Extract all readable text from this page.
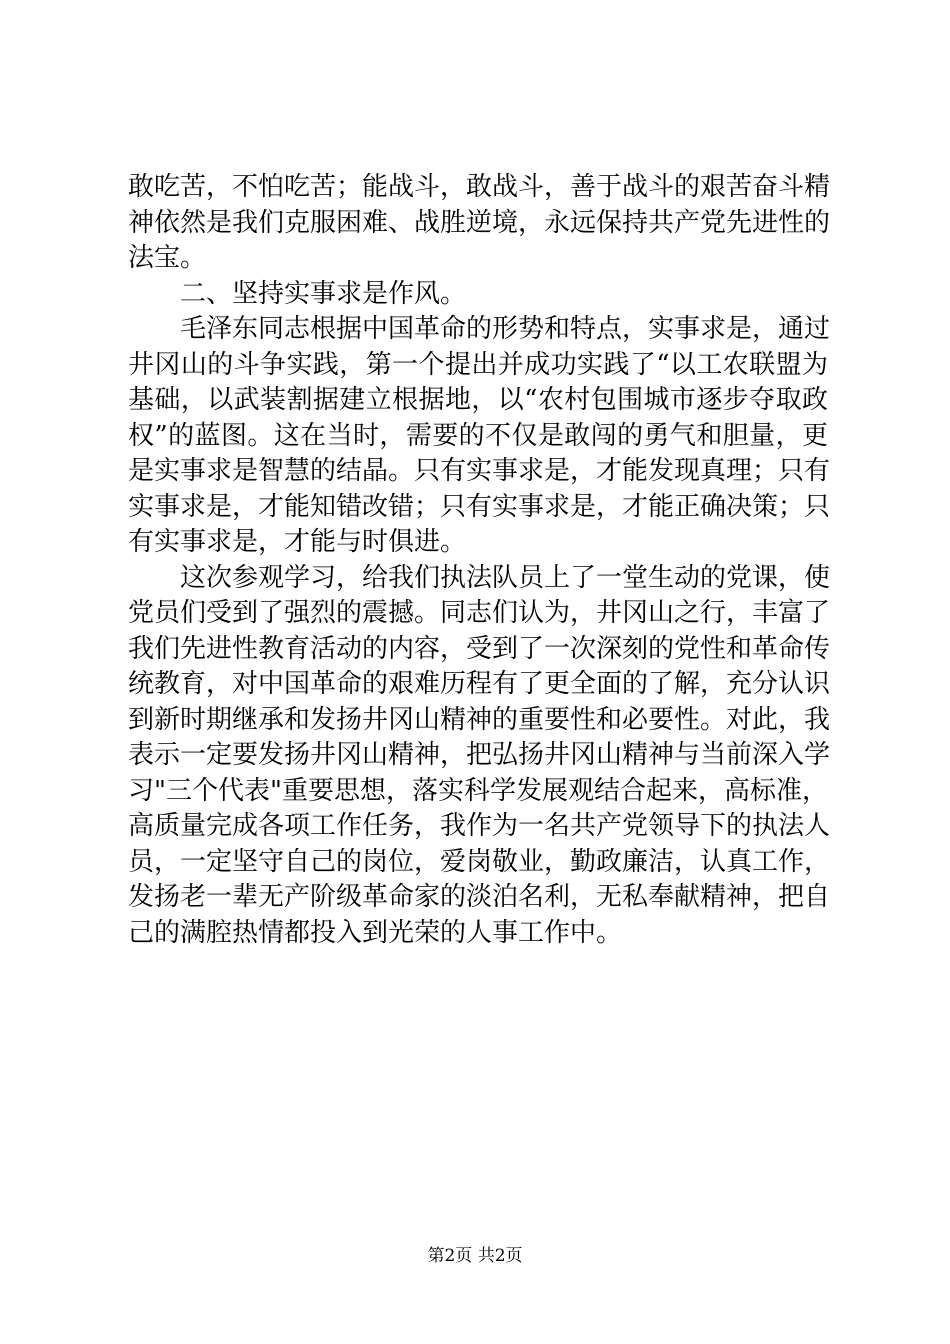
敢吃苦，不怕吃苦；能战斗，敢战斗，善于战斗的艰苦奋斗精
神依然是我们克服困难、战胜逆境，永远保持共产党先进性的
法宝。
二、坚持实事求是作风。
毛泽东同志根据中国革命的形势和特点，实事求是，通过
井冈山的斗争实践，第一个提出并成功实践了“以工农联盟为
基础，以武装割据建立根据地，以“农村包围城市逐步夺取政
权”的蓝图。这在当时，需要的不仅是敢闯的勇气和胆量，更
是实事求是智慧的结晶。只有实事求是，才能发现真理；只有
实事求是，才能知错改错；只有实事求是，才能正确决策；只
有实事求是，才能与时俱进。
这次参观学习，给我们执法队员上了一堂生动的党课，使
党员们受到了强烈的震撼。同志们认为，井冈山之行，丰富了
我们先进性教育活动的内容，受到了一次深刻的党性和革命传
统教育，对中国革命的艰难历程有了更全面的了解，充分认识
到新时期继承和发扬井冈山精神的重要性和必要性。对此，我
表示一定要发扬井冈山精神，把弘扬井冈山精神与当前深入学
习"三个代表"重要思想，落实科学发展观结合起来，高标准，
高质量完成各项工作任务，我作为一名共产党领导下的执法人
员，一定坚守自己的岗位，爱岗敬业，勤政廉洁，认真工作，
发扬老一辈无产阶级革命家的淡泊名利，无私奉献精神，把自
己的满腔热情都投入到光荣的人事工作中。
第2页 共2页
